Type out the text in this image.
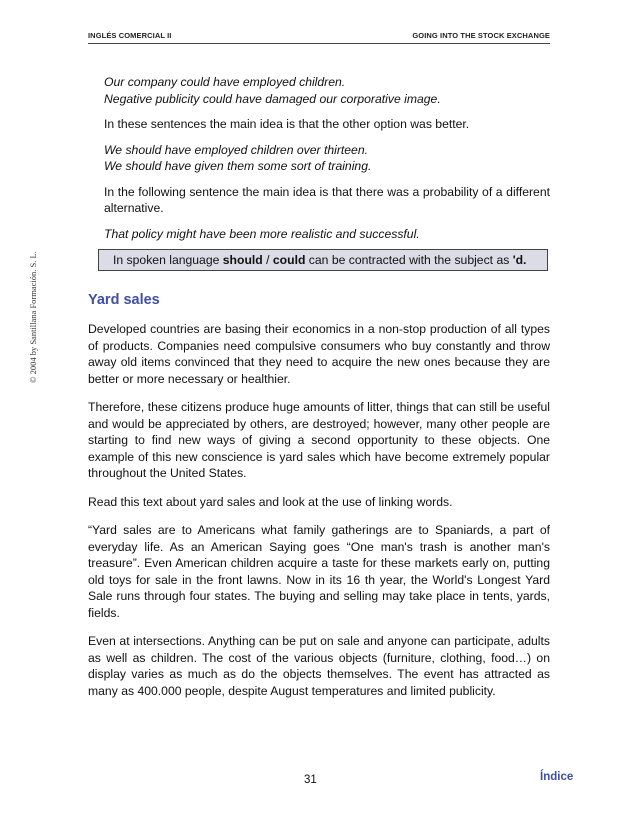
INGLÉS COMERCIAL II	GOING INTO THE STOCK EXCHANGE
© 2004 by Santillana Formación. S. L.

Our company could have employed children.

Negative publicity could have damaged our corporative image.

In these sentences the main idea is that the other option was better.

We should have employed children over thirteen.

We should have given them some sort of training.

In the following sentence the main idea is that there was a probability of a different alternative.

That policy might have been more realistic and successful.

In spoken language should / could can be contracted with the subject as 'd.
Yard sales

Developed countries are basing their economics in a non-stop production of all types of products. Companies need compulsive consumers who buy constantly and throw away old items convinced that they need to acquire the new ones because they are better or more necessary or healthier.

Therefore, these citizens produce huge amounts of litter, things that can still be useful and would be appreciated by others, are destroyed; however, many other people are starting to find new ways of giving a second opportunity to these objects. One example of this new conscience is yard sales which have become extremely popular throughout the United States.

Read this text about yard sales and look at the use of linking words.

“Yard sales are to Americans what family gatherings are to Spaniards, a part of everyday life. As an American Saying goes “One man's trash is another man's treasure”. Even American children acquire a taste for these markets early on, putting old toys for sale in the front lawns. Now in its 16 th year, the World's Longest Yard Sale runs through four states. The buying and selling may take place in tents, yards, fields.

Even at intersections. Anything can be put on sale and anyone can participate, adults as well as children. The cost of the various objects (furniture, clothing, food…) on display varies as much as do the objects themselves. The event has attracted as many as 400.000 people, despite August temperatures and limited publicity.

31	Índice
